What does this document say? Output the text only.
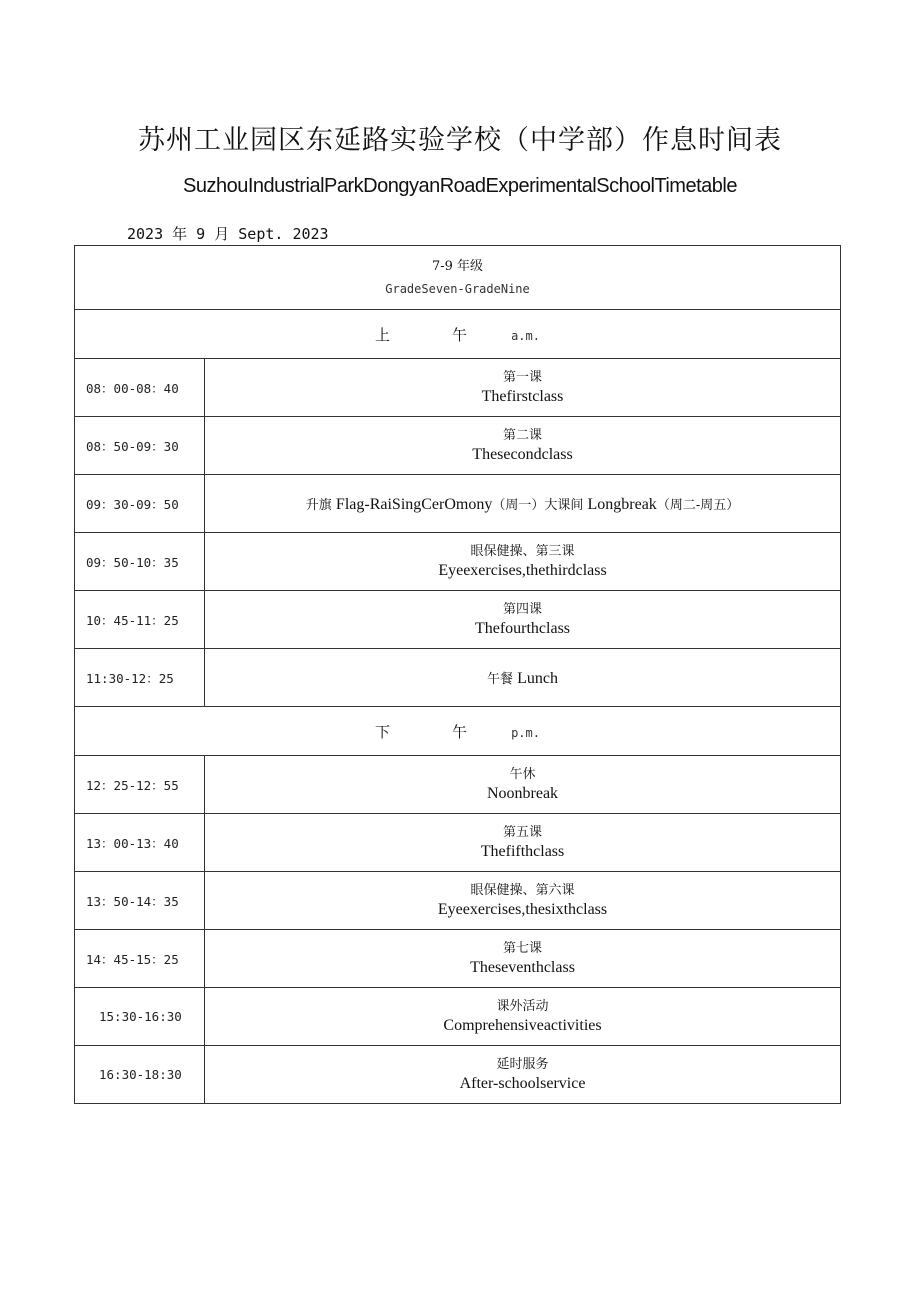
苏州工业园区东延路实验学校（中学部）作息时间表
SuzhouIndustrialParkDongyanRoadExperimentalSchoolTimetable
2023 年 9 月 Sept. 2023
7-9 年级
GradeSeven-GradeNine	

上 午 a.m.	
08：00-08：40	第一课
Thefirstclass

08：50-09：30	第二课
Thesecondclass

09：30-09：50	升旗 Flag-RaiSingCerOmony（周一）大课间 Longbreak（周二-周五）
09：50-10：35	眼保健操、第三课
Eyeexercises,thethirdclass

10：45-11：25	第四课
Thefourthclass

11:30-12：25	午餐 Lunch
下 午 p.m.	
12：25-12：55	午休
Noonbreak

13：00-13：40	第五课
Thefifthclass

13：50-14：35	眼保健操、第六课
Eyeexercises,thesixthclass

14：45-15：25	第七课
Theseventhclass

15:30-16:30	课外活动
Comprehensiveactivities

16:30-18:30	延时服务
After-schoolservice
